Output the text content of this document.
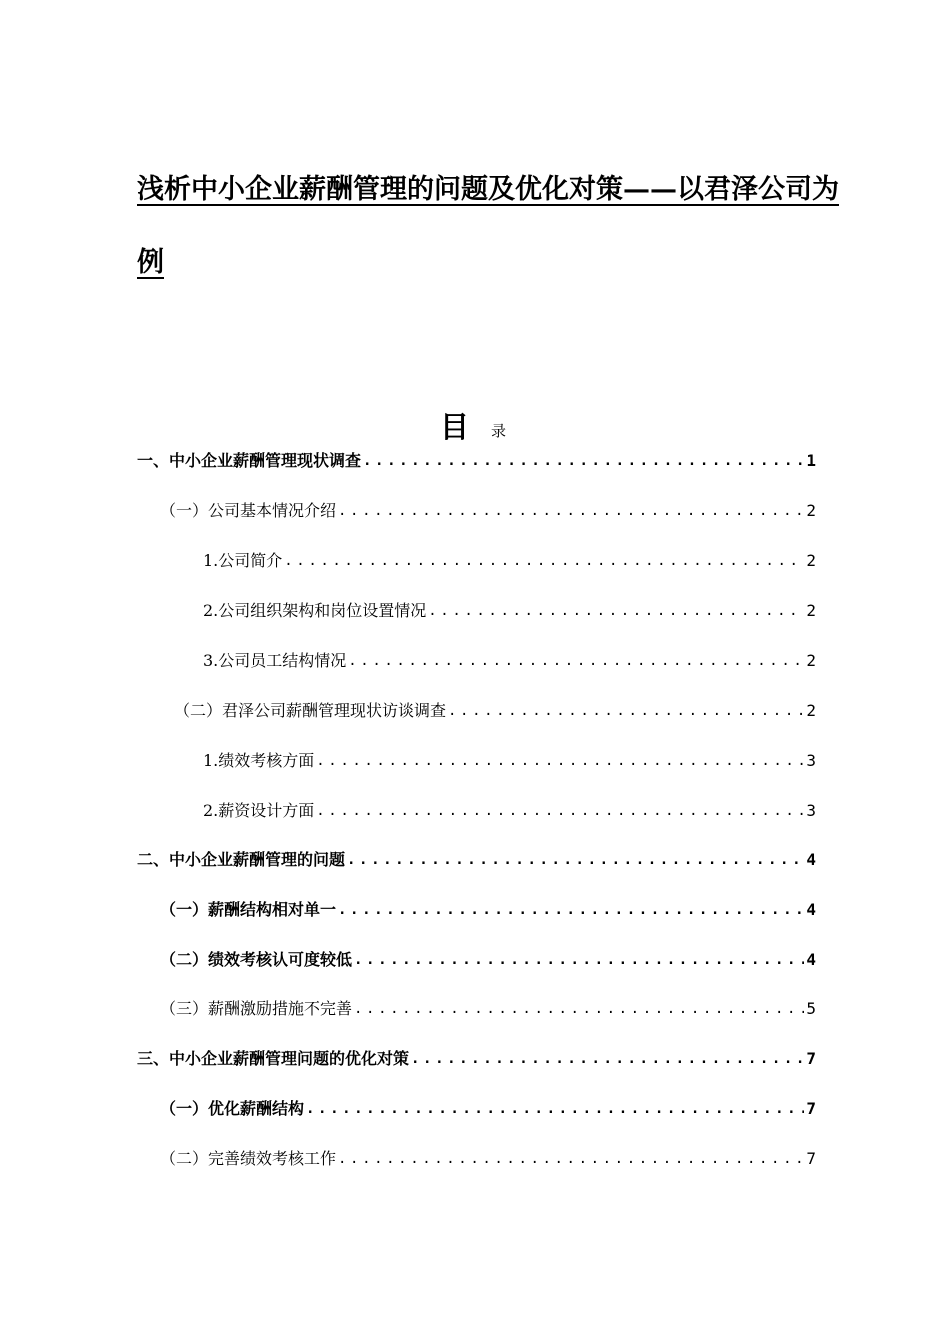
浅析中小企业薪酬管理的问题及优化对策——以君泽公司为
例
目 录
一、中小企业薪酬管理现状调查 .....	1
（一）公司基本情况介绍 .....	2
1.公司简介 .....	2
2.公司组织架构和岗位设置情况 .....	2
3.公司员工结构情况 .....	2
（二）君泽公司薪酬管理现状访谈调查 .....	2
1.绩效考核方面 .....	3
2.薪资设计方面 .....	3
二、中小企业薪酬管理的问题 .....	4
（一）薪酬结构相对单一 .....	4
（二）绩效考核认可度较低 .....	4
（三）薪酬激励措施不完善 .....	5
三、中小企业薪酬管理问题的优化对策 .....	7
（一）优化薪酬结构 .....	7
（二）完善绩效考核工作 .....	7
